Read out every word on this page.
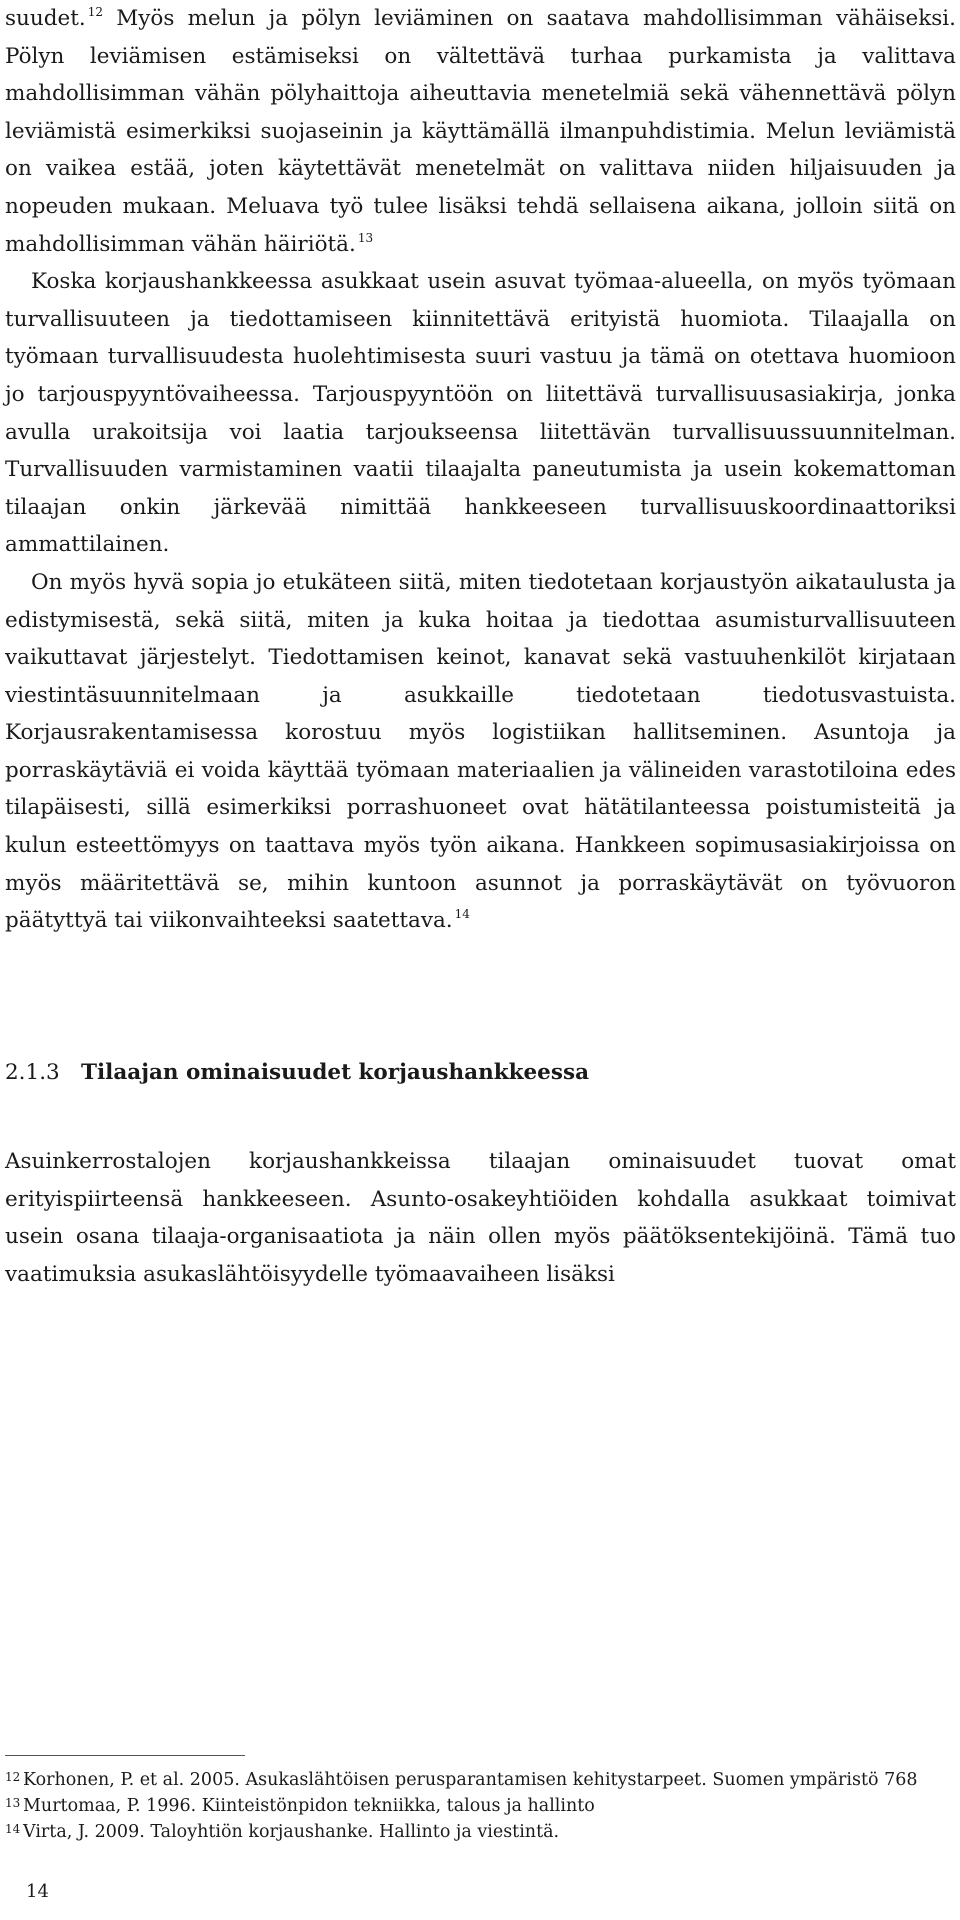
suudet. $^{12}$ Myös melun ja pölyn leviäminen on saatava mahdollisimman vähäiseksi. Pölyn leviämisen estämiseksi on vältettävä turhaa purkamista ja valittava mahdollisimman vähän pölyhaittoja aiheuttavia menetelmiä sekä vähennettävä pölyn leviämistä esimerkiksi suojaseinin ja käyttämällä ilmanpuhdistimia. Melun leviämistä on vaikea estää, joten käytettävät menetelmät on valittava niiden hiljaisuuden ja nopeuden mukaan. Meluava työ tulee lisäksi tehdä sellaisena aikana, jolloin siitä on mahdollisimman vähän häiriötä. $^{13}$

Koska korjaushankkeessa asukkaat usein asuvat työmaa-alueella, on myös työmaan turvallisuuteen ja tiedottamiseen kiinnitettävä erityistä huomiota. Tilaajalla on työmaan turvallisuudesta huolehtimisesta suuri vastuu ja tämä on otettava huomioon jo tarjouspyyntövaiheessa. Tarjouspyyntöön on liitettävä turvallisuusasiakirja, jonka avulla urakoitsija voi laatia tarjoukseensa liitettävän turvallisuussuunnitelman. Turvallisuuden varmistaminen vaatii tilaajalta paneutumista ja usein kokemattoman tilaajan onkin järkevää nimittää hankkeeseen turvallisuuskoordinaattoriksi ammattilainen.

On myös hyvä sopia jo etukäteen siitä, miten tiedotetaan korjaustyön aikataulusta ja edistymisestä, sekä siitä, miten ja kuka hoitaa ja tiedottaa asumisturvallisuuteen vaikuttavat järjestelyt. Tiedottamisen keinot, kanavat sekä vastuuhenkilöt kirjataan viestintäsuunnitelmaan ja asukkaille tiedotetaan tiedotusvastuista. Korjausrakentamisessa korostuu myös logistiikan hallitseminen. Asuntoja ja porraskäytäviä ei voida käyttää työmaan materiaalien ja välineiden varastotiloina edes tilapäisesti, sillä esimerkiksi porrashuoneet ovat hätätilanteessa poistumisteitä ja kulun esteettömyys on taattava myös työn aikana. Hankkeen sopimusasiakirjoissa on myös määritettävä se, mihin kuntoon asunnot ja porraskäytävät on työvuoron päätyttyä tai viikonvaihteeksi saatettava. $^{14}$

2.1.3 Tilaajan ominaisuudet korjaushankkeessa

Asuinkerrostalojen korjaushankkeissa tilaajan ominaisuudet tuovat omat erityispiirteensä hankkeeseen. Asunto-osakeyhtiöiden kohdalla asukkaat toimivat usein osana tilaaja-organisaatiota ja näin ollen myös päätöksentekijöinä. Tämä tuo vaatimuksia asukaslähtöisyydelle työmaavaiheen lisäksi

12 Korhonen, P. et al. 2005. Asukaslähtöisen perusparantamisen kehitystarpeet. Suomen ympäristö 768
13 Murtomaa, P. 1996. Kiinteistönpidon tekniikka, talous ja hallinto
14 Virta, J. 2009. Taloyhtiön korjaushanke. Hallinto ja viestintä.
14
